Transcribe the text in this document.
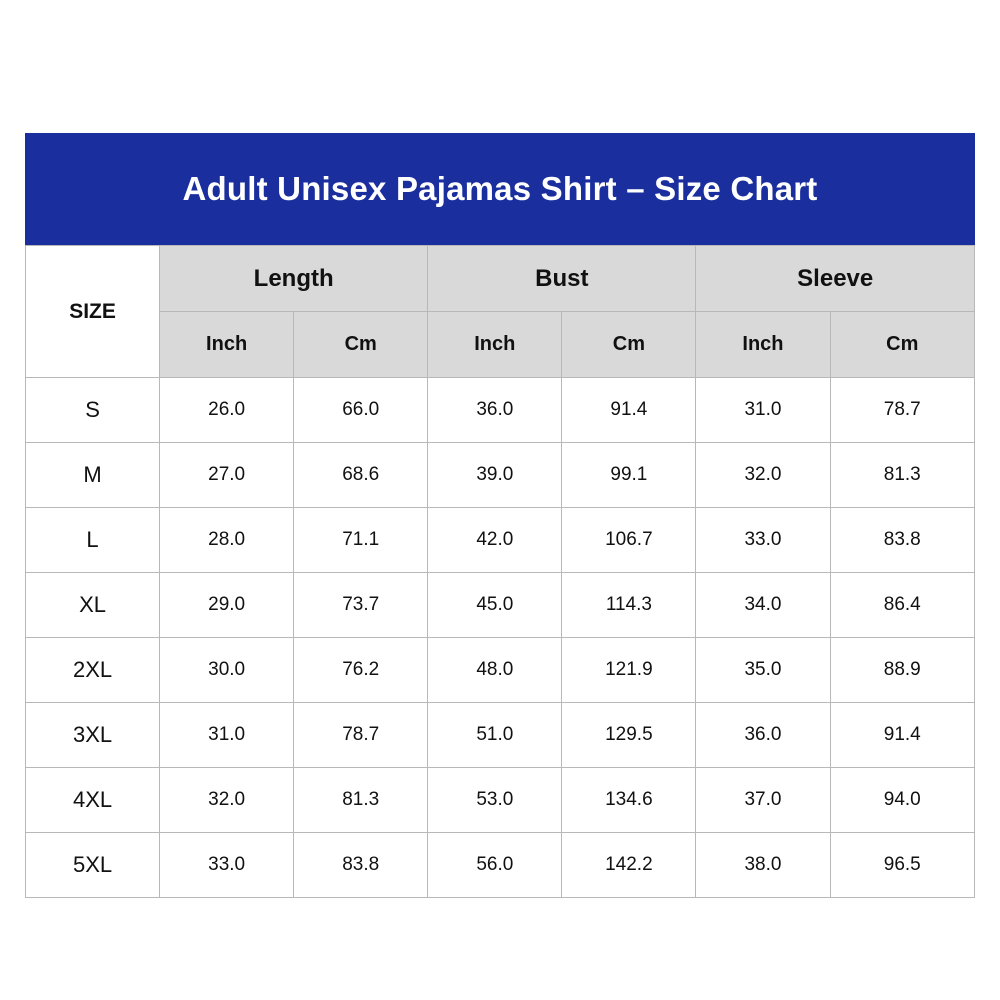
Adult Unisex Pajamas Shirt – Size Chart
SIZE	Length		Bust		Sleeve	
	Inch	Cm	Inch	Cm	Inch	Cm
S	26.0	66.0	36.0	91.4	31.0	78.7
M	27.0	68.6	39.0	99.1	32.0	81.3
L	28.0	71.1	42.0	106.7	33.0	83.8
XL	29.0	73.7	45.0	114.3	34.0	86.4
2XL	30.0	76.2	48.0	121.9	35.0	88.9
3XL	31.0	78.7	51.0	129.5	36.0	91.4
4XL	32.0	81.3	53.0	134.6	37.0	94.0
5XL	33.0	83.8	56.0	142.2	38.0	96.5
